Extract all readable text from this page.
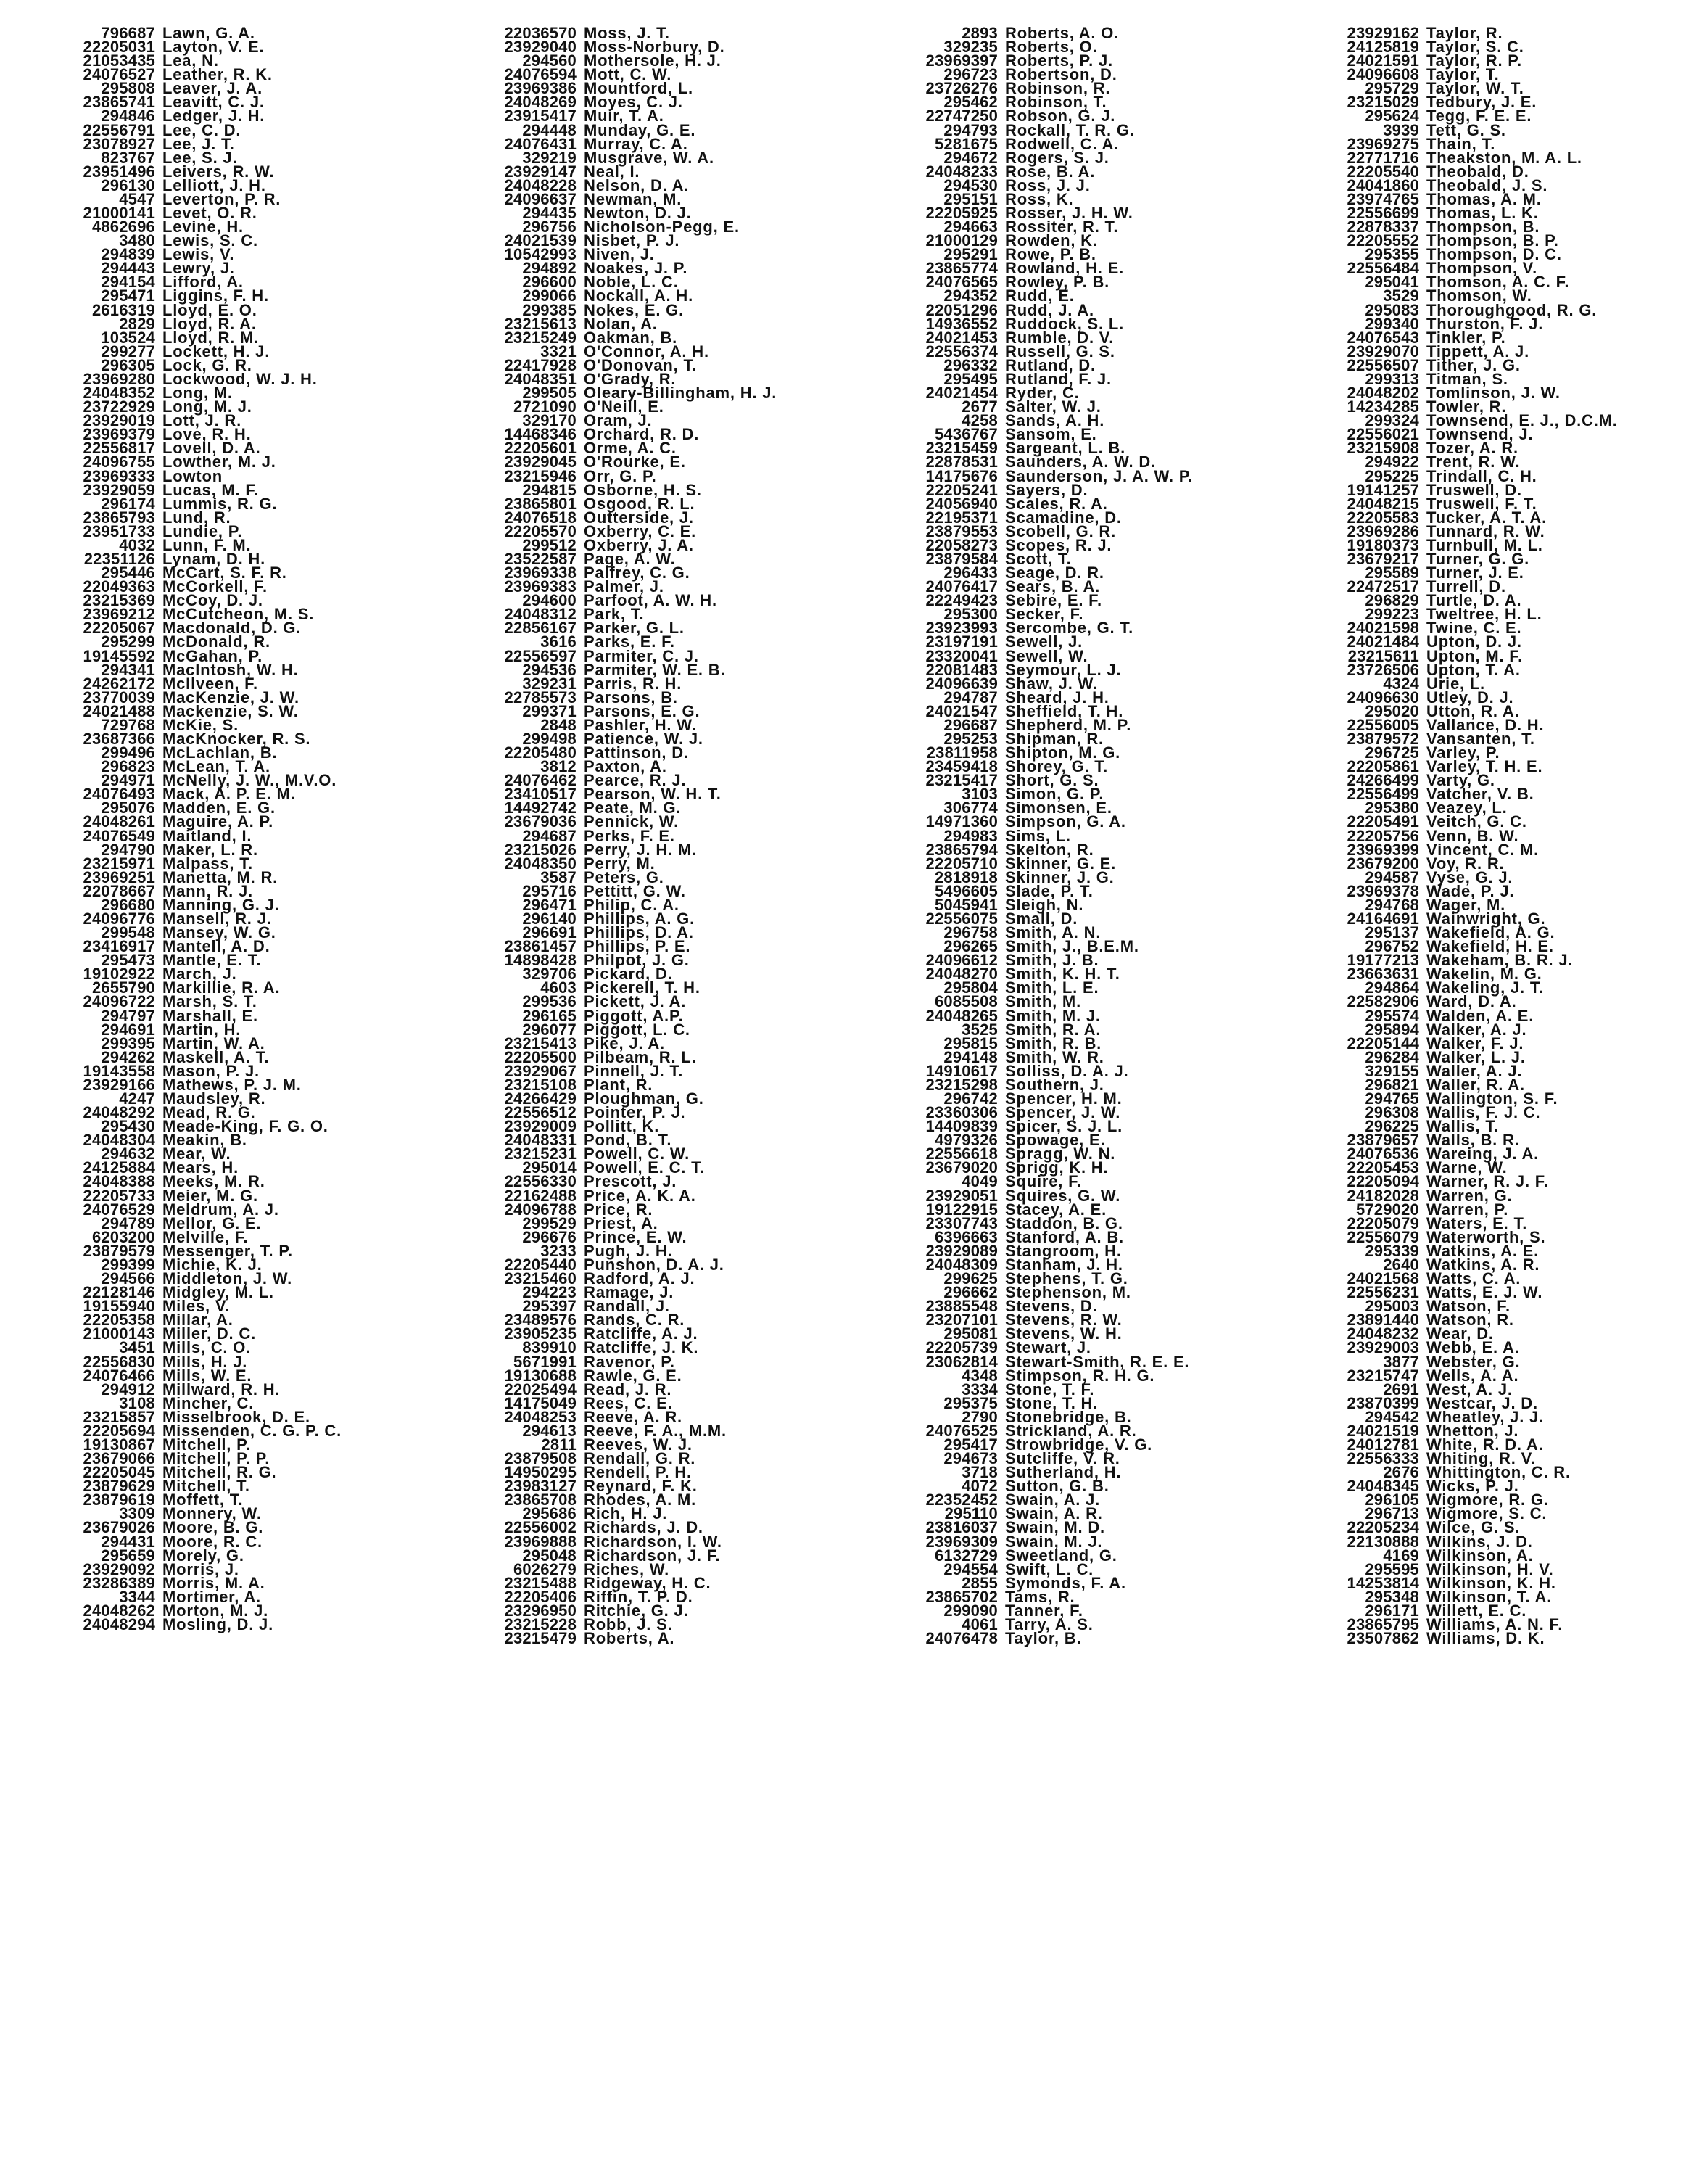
796687 Lawn, G. A.
22205031 Layton, V. E.
21053435 Lea, N.
24076527 Leather, R. K.
295808 Leaver, J. A.
23865741 Leavitt, C. J.
294846 Ledger, J. H.
22556791 Lee, C. D.
23078927 Lee, J. T.
823767 Lee, S. J.
23951496 Leivers, R. W.
296130 Lelliott, J. H.
4547 Leverton, P. R.
21000141 Levet, O. R.
4862696 Levine, H.
3480 Lewis, S. C.
294839 Lewis, V.
294443 Lewry, J.
294154 Lifford, A.
295471 Liggins, F. H.
2616319 Lloyd, E. O.
2829 Lloyd, R. A.
103524 Lloyd, R. M.
299277 Lockett, H. J.
296305 Lock, G. R.
23969280 Lockwood, W. J. H.
24048352 Long, M.
23722929 Long, M. J.
23929019 Lott, J. R.
23969379 Love, R. H.
22556817 Lovell, D. A.
24096755 Lowther, M. J.
23969333 Lowton
23929059 Lucas, M. F.
296174 Lummis, R. G.
23865793 Lund, R.
23951733 Lundie, P.
4032 Lunn, F. M.
22351126 Lynam, D. H.
295446 McCart, S. F. R.
22049363 McCorkell, F.
23215369 McCoy, D. J.
23969212 McCutcheon, M. S.
22205067 Macdonald, D. G.
295299 McDonald, R.
19145592 McGahan, P.
294341 MacIntosh, W. H.
24262172 McIlveen, F.
23770039 MacKenzie, J. W.
24021488 Mackenzie, S. W.
729768 McKie, S.
23687366 MacKnocker, R. S.
299496 McLachlan, B.
296823 McLean, T. A.
294971 McNelly, J. W., M.V.O.
24076493 Mack, A. P. E. M.
295076 Madden, E. G.
24048261 Maguire, A. P.
24076549 Maitland, I.
294790 Maker, L. R.
23215971 Malpass, T.
23969251 Manetta, M. R.
22078667 Mann, R. J.
296680 Manning, G. J.
24096776 Mansell, R. J.
299548 Mansey, W. G.
23416917 Mantell, A. D.
295473 Mantle, E. T.
19102922 March, J.
2655790 Markillie, R. A.
24096722 Marsh, S. T.
294797 Marshall, E.
294691 Martin, H.
299395 Martin, W. A.
294262 Maskell, A. T.
19143558 Mason, P. J.
23929166 Mathews, P. J. M.
4247 Maudsley, R.
24048292 Mead, R. G.
295430 Meade-King, F. G. O.
24048304 Meakin, B.
294632 Mear, W.
24125884 Mears, H.
24048388 Meeks, M. R.
22205733 Meier, M. G.
24076529 Meldrum, A. J.
294789 Mellor, G. E.
6203200 Melville, F.
23879579 Messenger, T. P.
299399 Michie, K. J.
294566 Middleton, J. W.
22128146 Midgley, M. L.
19155940 Miles, V.
22205358 Millar, A.
21000143 Miller, D. C.
3451 Mills, C. O.
22556830 Mills, H. J.
24076466 Mills, W. E.
294912 Millward, R. H.
3108 Mincher, C.
23215857 Misselbrook, D. E.
22205694 Missenden, C. G. P. C.
19130867 Mitchell, P.
23679066 Mitchell, P. P.
22205045 Mitchell, R. G.
23879629 Mitchell, T.
23879619 Moffett, T.
3309 Monnery, W.
23679026 Moore, B. G.
294431 Moore, R. C.
295659 Morely, G.
23929092 Morris, J.
23286389 Morris, M. A.
3344 Mortimer, A.
24048262 Morton, M. J.
24048294 Mosling, D. J.
22036570 Moss, J. T.
23929040 Moss-Norbury, D.
294560 Mothersole, H. J.
24076594 Mott, C. W.
23969386 Mountford, L.
24048269 Moyes, C. J.
23915417 Muir, T. A.
294448 Munday, G. E.
24076431 Murray, C. A.
329219 Musgrave, W. A.
23929147 Neal, I.
24048228 Nelson, D. A.
24096637 Newman, M.
294435 Newton, D. J.
296756 Nicholson-Pegg, E.
24021539 Nisbet, P. J.
10542993 Niven, J.
294892 Noakes, J. P.
296600 Noble, L. C.
299066 Nockall, A. H.
299385 Nokes, E. G.
23215613 Nolan, A.
23215249 Oakman, B.
3321 O'Connor, A. H.
22417928 O'Donovan, T.
24048351 O'Grady, R.
299505 Oleary-Billingham, H. J.
2721090 O'Neill, E.
329170 Oram, J.
14468346 Orchard, R. D.
22205601 Orme, A. C.
23929045 O'Rourke, E.
23215946 Orr, G. P.
294815 Osborne, H. S.
23865801 Osgood, R. L.
24076518 Outterside, J.
22205570 Oxberry, C. E.
299512 Oxberry, J. A.
23522587 Page, A. W.
23969338 Palfrey, C. G.
23969383 Palmer, J.
294600 Parfoot, A. W. H.
24048312 Park, T.
22856167 Parker, G. L.
3616 Parks, E. F.
22556597 Parmiter, C. J.
294536 Parmiter, W. E. B.
329231 Parris, R. H.
22785573 Parsons, B.
299371 Parsons, E. G.
2848 Pashler, H. W.
299498 Patience, W. J.
22205480 Pattinson, D.
3812 Paxton, A.
24076462 Pearce, R. J.
23410517 Pearson, W. H. T.
14492742 Peate, M. G.
23679036 Pennick, W.
294687 Perks, F. E.
23215026 Perry, J. H. M.
24048350 Perry, M.
3587 Peters, G.
295716 Pettitt, G. W.
296471 Philip, C. A.
296140 Phillips, A. G.
296691 Phillips, D. A.
23861457 Phillips, P. E.
14898428 Philpot, J. G.
329706 Pickard, D.
4603 Pickerell, T. H.
299536 Pickett, J. A.
296165 Piggott, A.P.
296077 Piggott, L. C.
23215413 Pike, J. A.
22205500 Pilbeam, R. L.
23929067 Pinnell, J. T.
23215108 Plant, R.
24266429 Ploughman, G.
22556512 Pointer, P. J.
23929009 Pollitt, K.
24048331 Pond, B. T.
23215231 Powell, C. W.
295014 Powell, E. C. T.
22556330 Prescott, J.
22162488 Price, A. K. A.
24096788 Price, R.
299529 Priest, A.
296676 Prince, E. W.
3233 Pugh, J. H.
22205440 Punshon, D. A. J.
23215460 Radford, A. J.
294223 Ramage, J.
295397 Randall, J.
23489576 Rands, C. R.
23905235 Ratcliffe, A. J.
839910 Ratcliffe, J. K.
5671991 Ravenor, P.
19130688 Rawle, G. E.
22025494 Read, J. R.
14175049 Rees, C. E.
24048253 Reeve, A. R.
294613 Reeve, F. A., M.M.
2811 Reeves, W. J.
23879508 Rendall, G. R.
14950295 Rendell, P. H.
23983127 Reynard, F. K.
23865708 Rhodes, A. M.
295686 Rich, H. J.
22556002 Richards, J. D.
23969888 Richardson, I. W.
295048 Richardson, J. F.
6026279 Riches, W.
23215488 Ridgeway, H. C.
22205406 Riffin, T. P. D.
23296950 Ritchie, G. J.
23215228 Robb, J. S.
23215479 Roberts, A.
2893 Roberts, A. O.
329235 Roberts, O.
23969397 Roberts, P. J.
296723 Robertson, D.
23726276 Robinson, R.
295462 Robinson, T.
22747250 Robson, G. J.
294793 Rockall, T. R. G.
5281675 Rodwell, C. A.
294672 Rogers, S. J.
24048233 Rose, B. A.
294530 Ross, J. J.
295151 Ross, K.
22205925 Rosser, J. H. W.
294663 Rossiter, R. T.
21000129 Rowden, K.
295291 Rowe, P. B.
23865774 Rowland, H. E.
24076565 Rowley, P. B.
294352 Rudd, E.
22051296 Rudd, J. A.
14936552 Ruddock, S. L.
24021453 Rumble, D. V.
22556374 Russell, G. S.
296332 Rutland, D.
295495 Rutland, F. J.
24021454 Ryder, C.
2677 Salter, W. J.
4258 Sands, A. H.
5436767 Sansom, E.
23215459 Sargeant, L. B.
22878531 Saunders, A. W. D.
14175676 Saunderson, J. A. W. P.
22205241 Sayers, D.
24056940 Scales, R. A.
22195371 Scamadine, D.
23879553 Scobell, G. R.
22058273 Scopes, R. J.
23879584 Scott, T.
296433 Seage, D. R.
24076417 Sears, B. A.
22249423 Sebire, E. F.
295300 Secker, F.
23923993 Sercombe, G. T.
23197191 Sewell, J.
23320041 Sewell, W.
22081483 Seymour, L. J.
24096639 Shaw, J. W.
294787 Sheard, J. H.
24021547 Sheffield, T. H.
296687 Shepherd, M. P.
295253 Shipman, R.
23811958 Shipton, M. G.
23459418 Shorey, G. T.
23215417 Short, G. S.
3103 Simon, G. P.
306774 Simonsen, E.
14971360 Simpson, G. A.
294983 Sims, L.
23865794 Skelton, R.
22205710 Skinner, G. E.
2818918 Skinner, J. G.
5496605 Slade, P. T.
5045941 Sleigh, N.
22556075 Small, D.
296758 Smith, A. N.
296265 Smith, J., B.E.M.
24096612 Smith, J. B.
24048270 Smith, K. H. T.
295804 Smith, L. E.
6085508 Smith, M.
24048265 Smith, M. J.
3525 Smith, R. A.
295815 Smith, R. B.
294148 Smith, W. R.
14910617 Solliss, D. A. J.
23215298 Southern, J.
296742 Spencer, H. M.
23360306 Spencer, J. W.
14409839 Spicer, S. J. L.
4979326 Spowage, E.
22556618 Spragg, W. N.
23679020 Sprigg, K. H.
4049 Squire, F.
23929051 Squires, G. W.
19122915 Stacey, A. E.
23307743 Staddon, B. G.
6396663 Stanford, A. B.
23929089 Stangroom, H.
24048309 Stanham, J. H.
299625 Stephens, T. G.
296662 Stephenson, M.
23885548 Stevens, D.
23207101 Stevens, R. W.
295081 Stevens, W. H.
22205739 Stewart, J.
23062814 Stewart-Smith, R. E. E.
4348 Stimpson, R. H. G.
3334 Stone, T. F.
295375 Stone, T. H.
2790 Stonebridge, B.
24076525 Strickland, A. R.
295417 Strowbridge, V. G.
294673 Sutcliffe, V. R.
3718 Sutherland, H.
4072 Sutton, G. B.
22352452 Swain, A. J.
295110 Swain, A. R.
23816037 Swain, M. D.
23969309 Swain, M. J.
6132729 Sweetland, G.
294554 Swift, L. C.
2855 Symonds, F. A.
23865702 Tams, R.
299090 Tanner, F.
4061 Tarry, A. S.
24076478 Taylor, B.
23929162 Taylor, R.
24125819 Taylor, S. C.
24021591 Taylor, R. P.
24096608 Taylor, T.
295729 Taylor, W. T.
23215029 Tedbury, J. E.
295624 Tegg, F. E. E.
3939 Tett, G. S.
23969275 Thain, T.
22771716 Theakston, M. A. L.
22205540 Theobald, D.
24041860 Theobald, J. S.
23974765 Thomas, A. M.
22556699 Thomas, L. K.
22878337 Thompson, B.
22205552 Thompson, B. P.
295355 Thompson, D. C.
22556484 Thompson, V.
295041 Thomson, A. C. F.
3529 Thomson, W.
295083 Thoroughgood, R. G.
299340 Thurston, F. J.
24076543 Tinkler, P.
23929070 Tippett, A. J.
22556507 Tither, J. G.
299313 Titman, S.
24048202 Tomlinson, J. W.
14234285 Towler, R.
299324 Townsend, E. J., D.C.M.
22556021 Townsend, J.
23215908 Tozer, A. R.
294922 Trent, R. W.
295225 Trindall, C. H.
19141257 Truswell, D.
24048215 Truswell, F. T.
22205583 Tucker, A. T. A.
23969286 Tunnard, R. W.
19180373 Turnbull, M. L.
23679217 Turner, G. G.
295589 Turner, J. E.
22472517 Turrell, D.
296829 Turtle, D. A.
299223 Tweltree, H. L.
24021598 Twine, C. E.
24021484 Upton, D. J.
23215611 Upton, M. F.
23726506 Upton, T. A.
4324 Urie, L.
24096630 Utley, D. J.
295020 Utton, R. A.
22556005 Vallance, D. H.
23879572 Vansanten, T.
296725 Varley, P.
22205861 Varley, T. H. E.
24266499 Varty, G.
22556499 Vatcher, V. B.
295380 Veazey, L.
22205491 Veitch, G. C.
22205756 Venn, B. W.
23969399 Vincent, C. M.
23679200 Voy, R. R.
294587 Vyse, G. J.
23969378 Wade, P. J.
294768 Wager, M.
24164691 Wainwright, G.
295137 Wakefield, A. G.
296752 Wakefield, H. E.
19177213 Wakeham, B. R. J.
23663631 Wakelin, M. G.
294864 Wakeling, J. T.
22582906 Ward, D. A.
295574 Walden, A. E.
295894 Walker, A. J.
22205144 Walker, F. J.
296284 Walker, L. J.
329155 Waller, A. J.
296821 Waller, R. A.
294765 Wallington, S. F.
296308 Wallis, F. J. C.
296225 Wallis, T.
23879657 Walls, B. R.
24076536 Wareing, J. A.
22205453 Warne, W.
22205094 Warner, R. J. F.
24182028 Warren, G.
5729020 Warren, P.
22205079 Waters, E. T.
22556079 Waterworth, S.
295339 Watkins, A. E.
2640 Watkins, A. R.
24021568 Watts, C. A.
22556231 Watts, E. J. W.
295003 Watson, F.
23891440 Watson, R.
24048232 Wear, D.
23929003 Webb, E. A.
3877 Webster, G.
23215747 Wells, A. A.
2691 West, A. J.
23870399 Westcar, J. D.
294542 Wheatley, J. J.
24021519 Whetton, J.
24012781 White, R. D. A.
22556333 Whiting, R. V.
2676 Whittington, C. R.
24048345 Wicks, P. J.
296105 Wigmore, R. G.
296713 Wigmore, S. C.
22205234 Wilce, G. S.
22130888 Wilkins, J. D.
4169 Wilkinson, A.
295595 Wilkinson, H. V.
14253814 Wilkinson, K. H.
295348 Wilkinson, T. A.
296171 Willett, E. C.
23865795 Williams, A. N. F.
23507862 Williams, D. K.
